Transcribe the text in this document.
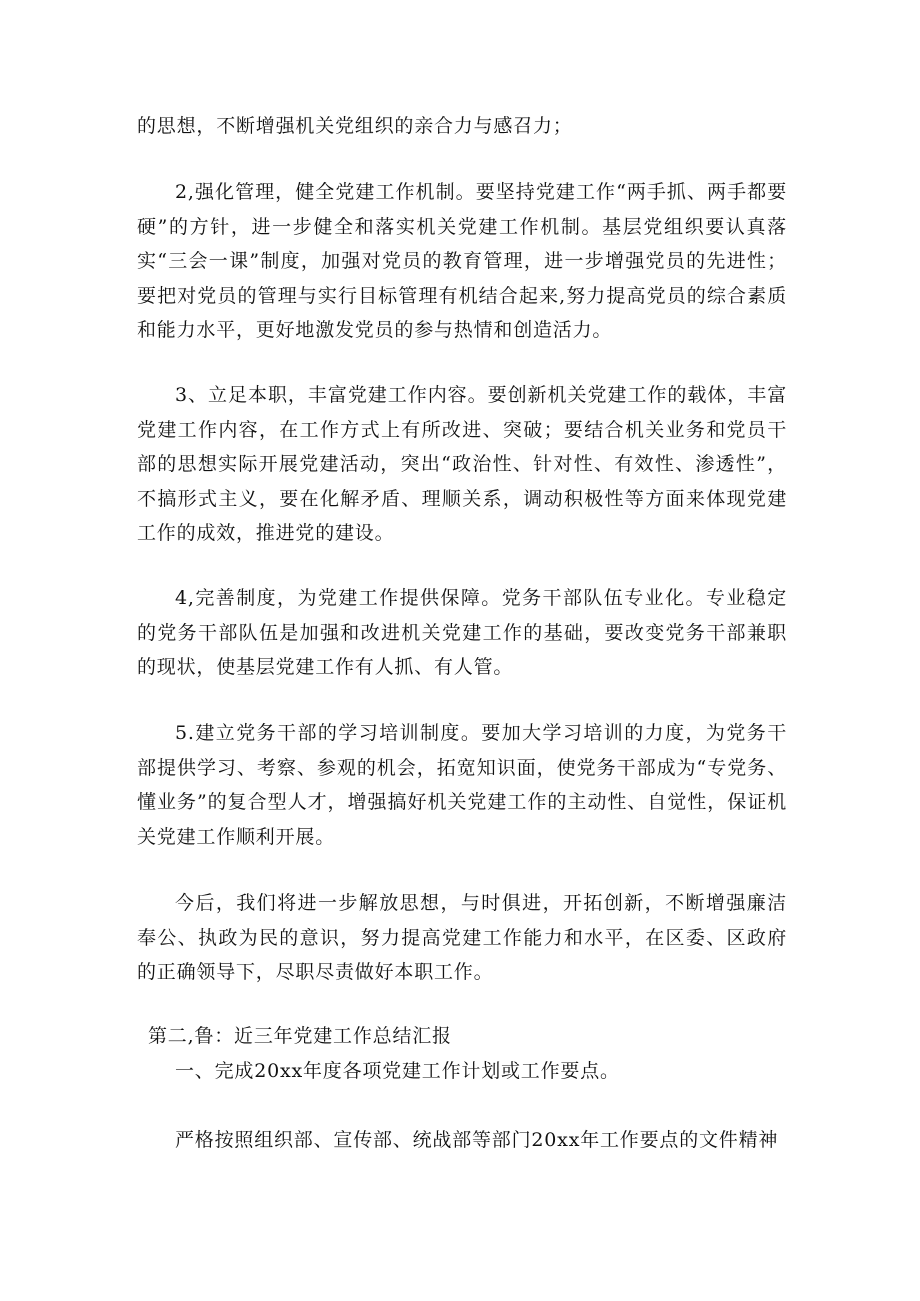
的思想，不断增强机关党组织的亲合力与感召力；

2,强化管理，健全党建工作机制。要坚持党建工作“两手抓、两手都要硬”的方针，进一步健全和落实机关党建工作机制。基层党组织要认真落实“三会一课”制度，加强对党员的教育管理，进一步增强党员的先进性；要把对党员的管理与实行目标管理有机结合起来,努力提高党员的综合素质和能力水平，更好地激发党员的参与热情和创造活力。

3、立足本职，丰富党建工作内容。要创新机关党建工作的载体，丰富党建工作内容，在工作方式上有所改进、突破；要结合机关业务和党员干部的思想实际开展党建活动，突出“政治性、针对性、有效性、渗透性”，不搞形式主义，要在化解矛盾、理顺关系，调动积极性等方面来体现党建工作的成效，推进党的建设。

4,完善制度，为党建工作提供保障。党务干部队伍专业化。专业稳定的党务干部队伍是加强和改进机关党建工作的基础，要改变党务干部兼职的现状，使基层党建工作有人抓、有人管。

5.建立党务干部的学习培训制度。要加大学习培训的力度，为党务干部提供学习、考察、参观的机会，拓宽知识面，使党务干部成为“专党务、懂业务”的复合型人才，增强搞好机关党建工作的主动性、自觉性，保证机关党建工作顺利开展。

今后，我们将进一步解放思想，与时俱进，开拓创新，不断增强廉洁奉公、执政为民的意识，努力提高党建工作能力和水平，在区委、区政府的正确领导下，尽职尽责做好本职工作。

第二,鲁：近三年党建工作总结汇报

一、完成20xx年度各项党建工作计划或工作要点。

严格按照组织部、宣传部、统战部等部门20xx年工作要点的文件精神
